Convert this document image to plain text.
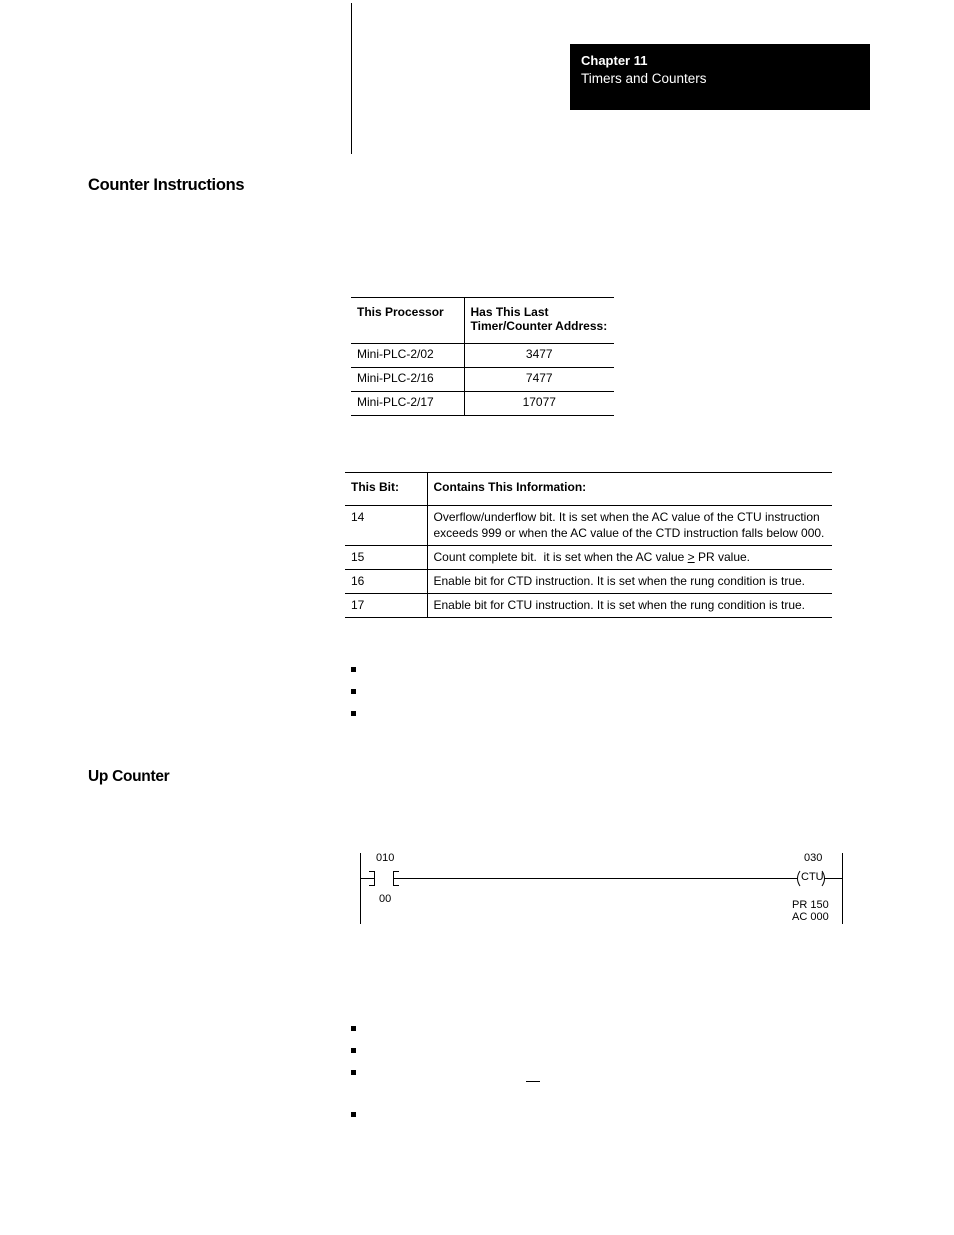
Chapter 11
Timers and Counters
Counter Instructions
This Processor	Has This Last
Timer/Counter Address:
Mini-PLC-2/02	3477
Mini-PLC-2/16	7477
Mini-PLC-2/17	17077
This Bit:	Contains This Information:
14	Overflow/underflow bit. It is set when the AC value of the CTU instruction
exceeds 999 or when the AC value of the CTD instruction falls below 000.
15	Count complete bit.  it is set when the AC value > PR value.
16	Enable bit for CTD instruction. It is set when the rung condition is true.
17	Enable bit for CTU instruction. It is set when the rung condition is true.
Up Counter
010
00
030
CTU
PR 150
AC 000
